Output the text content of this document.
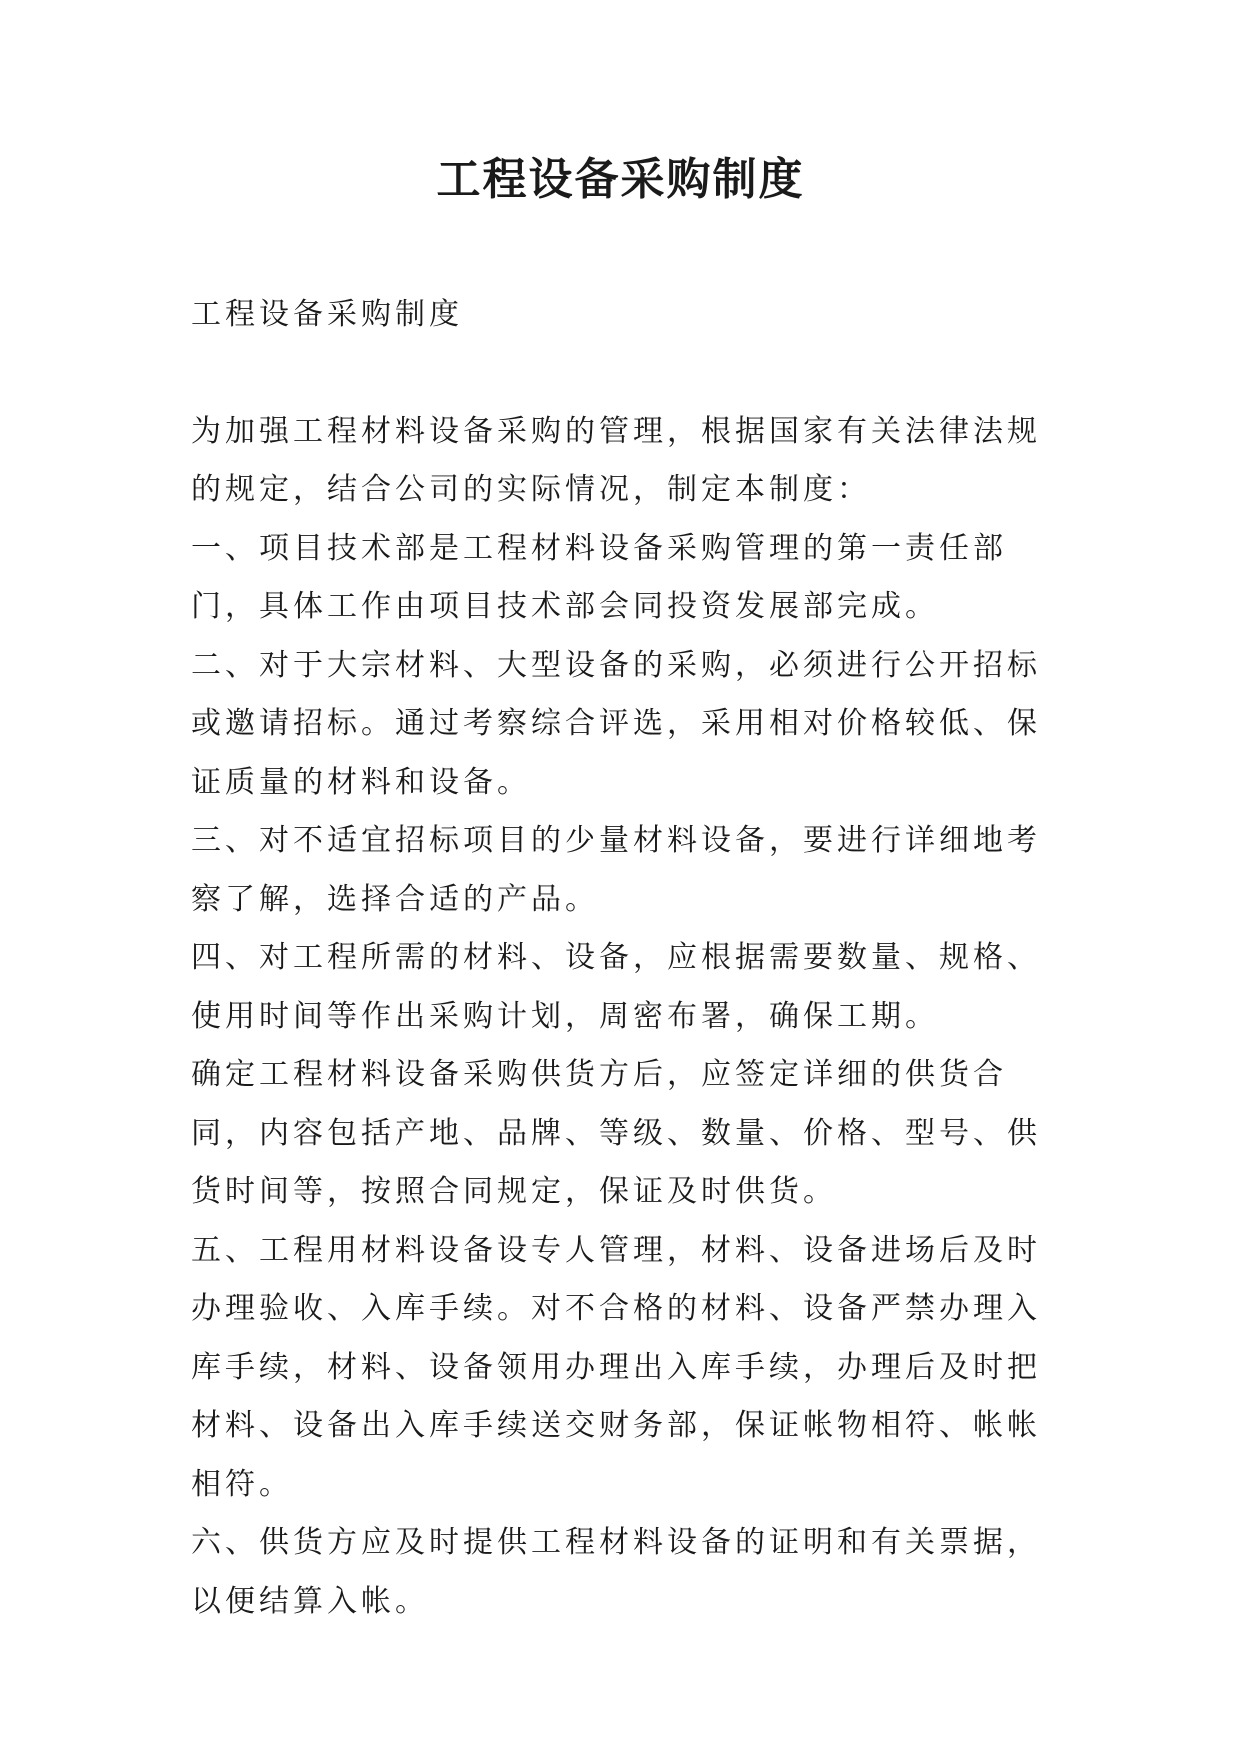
工程设备采购制度

工程设备采购制度

为加强工程材料设备采购的管理，根据国家有关法律法规的规定，结合公司的实际情况，制定本制度：

一、项目技术部是工程材料设备采购管理的第一责任部门，具体工作由项目技术部会同投资发展部完成。

二、对于大宗材料、大型设备的采购，必须进行公开招标或邀请招标。通过考察综合评选，采用相对价格较低、保证质量的材料和设备。

三、对不适宜招标项目的少量材料设备，要进行详细地考察了解，选择合适的产品。

四、对工程所需的材料、设备，应根据需要数量、规格、使用时间等作出采购计划，周密布署，确保工期。

确定工程材料设备采购供货方后，应签定详细的供货合同，内容包括产地、品牌、等级、数量、价格、型号、供货时间等，按照合同规定，保证及时供货。

五、工程用材料设备设专人管理，材料、设备进场后及时办理验收、入库手续。对不合格的材料、设备严禁办理入库手续，材料、设备领用办理出入库手续，办理后及时把材料、设备出入库手续送交财务部，保证帐物相符、帐帐相符。

六、供货方应及时提供工程材料设备的证明和有关票据，以便结算入帐。
